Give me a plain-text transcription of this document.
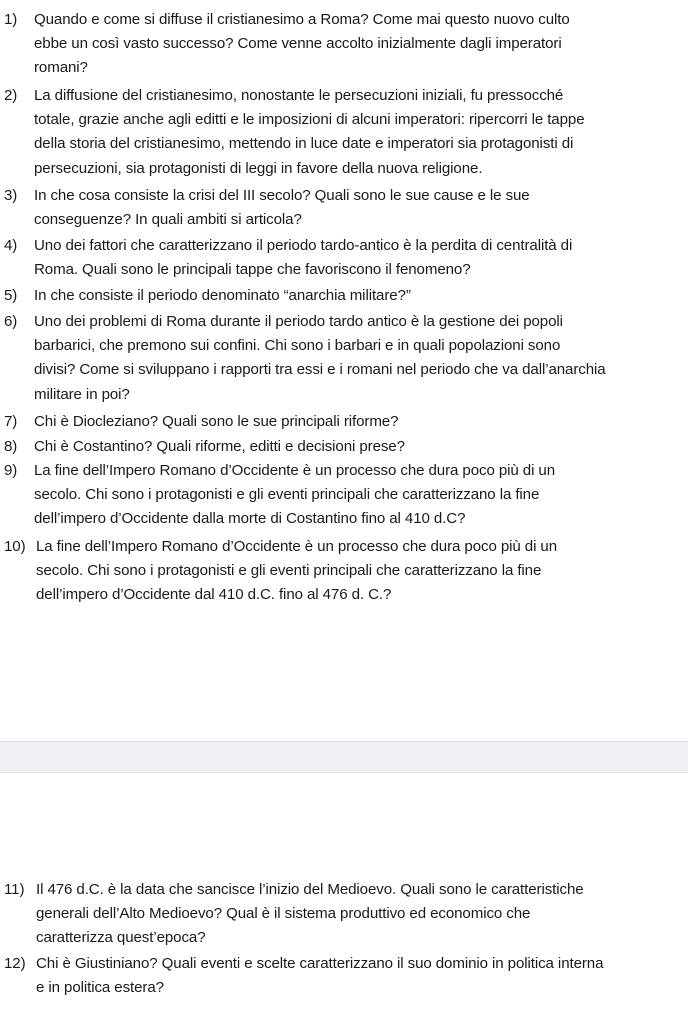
1)	Quando e come si diffuse il cristianesimo a Roma? Come mai questo nuovo culto
ebbe un così vasto successo? Come venne accolto inizialmente dagli imperatori
romani?
2)	La diffusione del cristianesimo, nonostante le persecuzioni iniziali, fu pressocché
totale, grazie anche agli editti e le imposizioni di alcuni imperatori: ripercorri le tappe
della storia del cristianesimo, mettendo in luce date e imperatori sia protagonisti di
persecuzioni, sia protagonisti di leggi in favore della nuova religione.
3)	In che cosa consiste la crisi del III secolo? Quali sono le sue cause e le sue
conseguenze? In quali ambiti si articola?
4)	Uno dei fattori che caratterizzano il periodo tardo-antico è la perdita di centralità di
Roma. Quali sono le principali tappe che favoriscono il fenomeno?
5)	In che consiste il periodo denominato “anarchia militare?”
6)	Uno dei problemi di Roma durante il periodo tardo antico è la gestione dei popoli
barbarici, che premono sui confini. Chi sono i barbari e in quali popolazioni sono
divisi? Come si sviluppano i rapporti tra essi e i romani nel periodo che va dall’anarchia
militare in poi?
7)	Chi è Diocleziano? Quali sono le sue principali riforme?
8)	Chi è Costantino? Quali riforme, editti e decisioni prese?
9)	La fine dell’Impero Romano d’Occidente è un processo che dura poco più di un
secolo. Chi sono i protagonisti e gli eventi principali che caratterizzano la fine
dell’impero d’Occidente dalla morte di Costantino fino al 410 d.C?
10) La fine dell’Impero Romano d’Occidente è un processo che dura poco più di un
secolo. Chi sono i protagonisti e gli eventi principali che caratterizzano la fine
dell’impero d’Occidente dal 410 d.C. fino al 476 d. C.?
11) Il 476 d.C. è la data che sancisce l’inizio del Medioevo. Quali sono le caratteristiche
generali dell’Alto Medioevo? Qual è il sistema produttivo ed economico che
caratterizza quest’epoca?
12) Chi è Giustiniano? Quali eventi e scelte caratterizzano il suo dominio in politica interna
e in politica estera?
